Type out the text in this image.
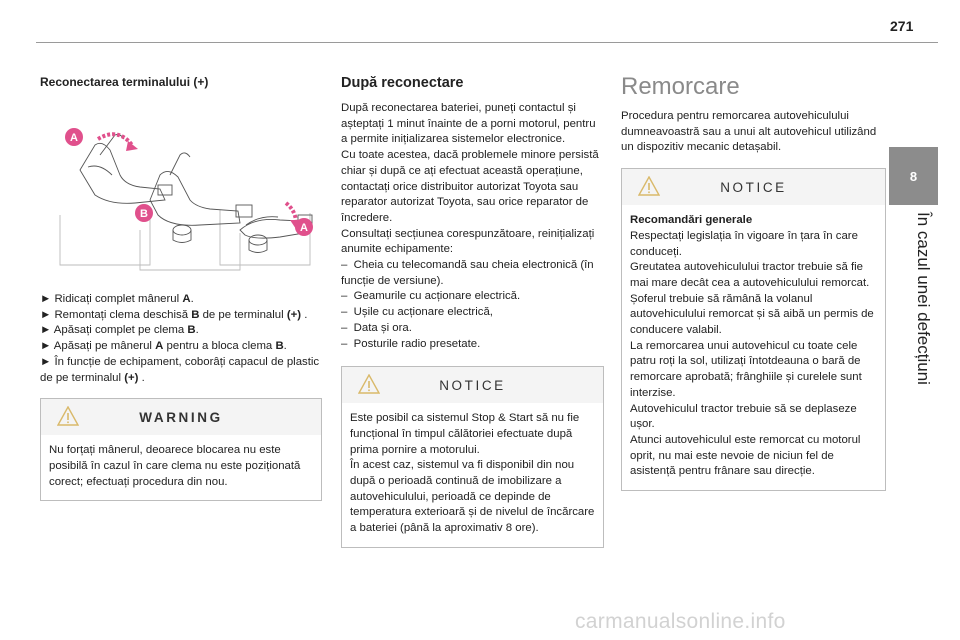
271
8
În cazul unei defecțiuni

Reconectarea terminalului (+)

A
B
A

► Ridicați complet mânerul A.
► Remontați clema deschisă B de pe terminalul (+) .
► Apăsați complet pe clema B.
► Apăsați pe mânerul A pentru a bloca clema B.
► În funcție de echipament, coborâți capacul de plastic de pe terminalul (+) .

WARNING

Nu forțați mânerul, deoarece blocarea nu este posibilă în cazul în care clema nu este poziționată corect; efectuați procedura din nou.

După reconectare

După reconectarea bateriei, puneți contactul și așteptați 1 minut înainte de a porni motorul, pentru a permite inițializarea sistemelor electronice.
Cu toate acestea, dacă problemele minore persistă chiar și după ce ați efectuat această operațiune, contactați orice distribuitor autorizat Toyota sau reparator autorizat Toyota, sau orice reparator de încredere.
Consultați secțiunea corespunzătoare, reinițializați anumite echipamente:
–  Cheia cu telecomandă sau cheia electronică (în funcție de versiune).
–  Geamurile cu acționare electrică.
–  Ușile cu acționare electrică,
–  Data și ora.
–  Posturile radio presetate.

NOTICE

Este posibil ca sistemul Stop & Start să nu fie funcțional în timpul călătoriei efectuate după prima pornire a motorului.
În acest caz, sistemul va fi disponibil din nou după o perioadă continuă de imobilizare a autovehiculului, perioadă ce depinde de temperatura exterioară și de nivelul de încărcare a bateriei (până la aproximativ 8 ore).

Remorcare

Procedura pentru remorcarea autovehiculului dumneavoastră sau a unui alt autovehicul utilizând un dispozitiv mecanic detașabil.

NOTICE

Recomandări generale

Respectați legislația în vigoare în țara în care conduceți.
Greutatea autovehiculului tractor trebuie să fie mai mare decât cea a autovehiculului remorcat.
Șoferul trebuie să rămână la volanul autovehiculului remorcat și să aibă un permis de conducere valabil.
La remorcarea unui autovehicul cu toate cele patru roți la sol, utilizați întotdeauna o bară de remorcare aprobată; frânghiile și curelele sunt interzise.
Autovehiculul tractor trebuie să se deplaseze ușor.
Atunci autovehiculul este remorcat cu motorul oprit, nu mai este nevoie de niciun fel de asistență pentru frânare sau direcție.

carmanualsonline.info
